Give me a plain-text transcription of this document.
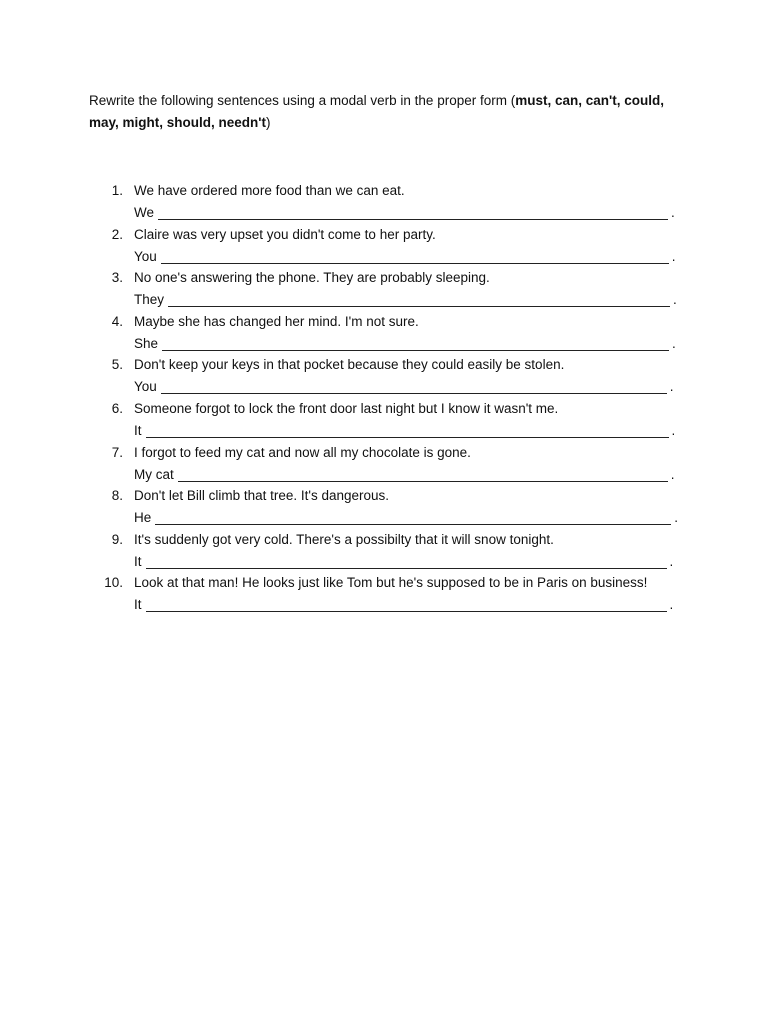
Rewrite the following sentences using a modal verb in the proper form (must, can, can't, could, may, might, should, needn't)

1. We have ordered more food than we can eat.
We	.
2. Claire was very upset you didn't come to her party.
You	.
3. No one's answering the phone. They are probably sleeping.
They	.
4. Maybe she has changed her mind. I'm not sure.
She	.
5. Don't keep your keys in that pocket because they could easily be stolen.
You	.
6. Someone forgot to lock the front door last night but I know it wasn't me.
It	.
7. I forgot to feed my cat and now all my chocolate is gone.
My cat	.
8. Don't let Bill climb that tree. It's dangerous.
He	.
9. It's suddenly got very cold. There's a possibilty that it will snow tonight.
It	.
10. Look at that man! He looks just like Tom but he's supposed to be in Paris on business!
It	.
